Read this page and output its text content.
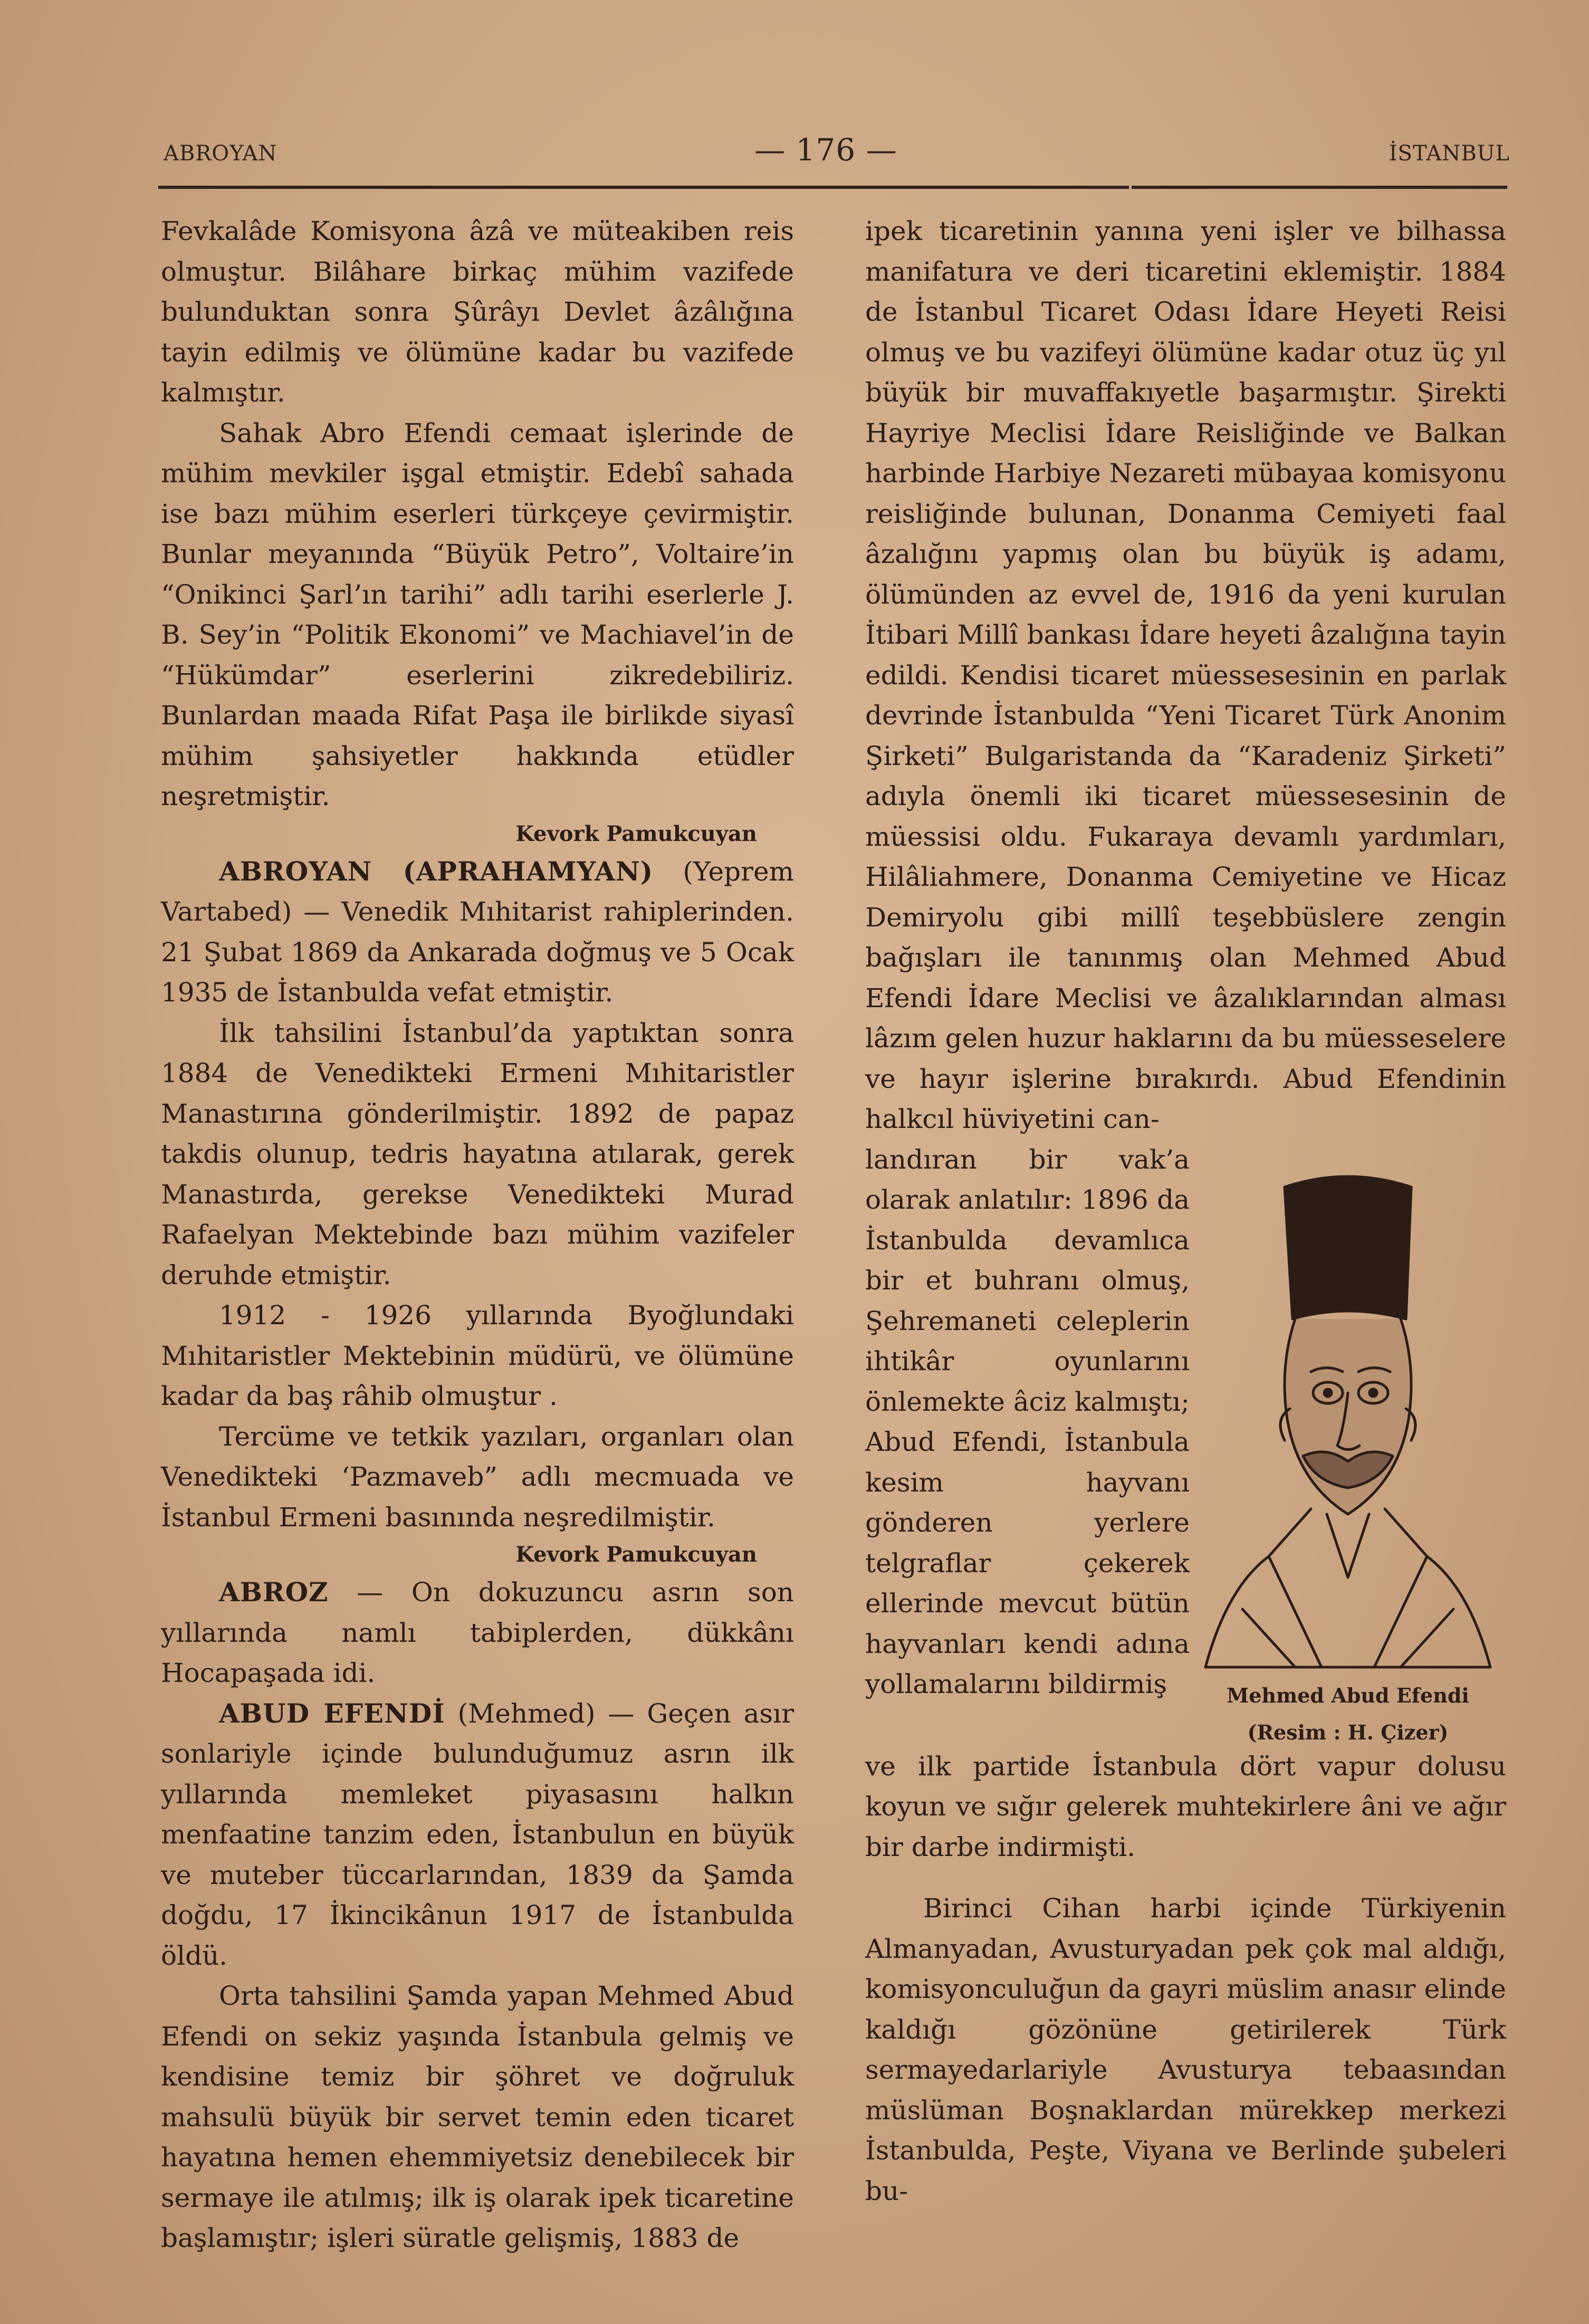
ABROYAN	— 176 —	İSTANBUL

Fevkalâde Komisyona âzâ ve müteakiben reis olmuştur. Bilâhare birkaç mühim vazifede bulunduktan sonra Şûrâyı Devlet âzâlığına tayin edilmiş ve ölümüne kadar bu vazifede kalmıştır.

Sahak Abro Efendi cemaat işlerinde de mühim mevkiler işgal etmiştir. Edebî sahada ise bazı mühim eserleri türkçeye çevirmiştir. Bunlar meyanında “Büyük Petro”, Voltaire’in “Onikinci Şarl’ın tarihi” adlı tarihi eserlerle J. B. Sey’in “Politik Ekonomi” ve Machiavel’in de “Hükümdar” eserlerini zikredebiliriz. Bunlardan maada Rifat Paşa ile birlikde siyasî mühim şahsiyetler hakkında etüdler neşretmiştir.

Kevork Pamukcuyan

ABROYAN (APRAHAMYAN) (Yeprem Vartabed) — Venedik Mıhitarist rahiplerinden. 21 Şubat 1869 da Ankarada doğmuş ve 5 Ocak 1935 de İstanbulda vefat etmiştir.

İlk tahsilini İstanbul’da yaptıktan sonra 1884 de Venedikteki Ermeni Mıhitaristler Manastırına gönderilmiştir. 1892 de papaz takdis olunup, tedris hayatına atılarak, gerek Manastırda, gerekse Venedikteki Murad Rafaelyan Mektebinde bazı mühim vazifeler deruhde etmiştir.

1912 - 1926 yıllarında Byoğlundaki Mıhitaristler Mektebinin müdürü, ve ölümüne kadar da baş râhib olmuştur .

Tercüme ve tetkik yazıları, organları olan Venedikteki ‘Pazmaveb” adlı mecmuada ve İstanbul Ermeni basınında neşredilmiştir.

Kevork Pamukcuyan

ABROZ — On dokuzuncu asrın son yıllarında namlı tabiplerden, dükkânı Hocapaşada idi.

ABUD EFENDİ (Mehmed) — Geçen asır sonlariyle içinde bulunduğumuz asrın ilk yıllarında memleket piyasasını halkın menfaatine tanzim eden, İstanbulun en büyük ve muteber tüccarlarından, 1839 da Şamda doğdu, 17 İkincikânun 1917 de İstanbulda öldü.

Orta tahsilini Şamda yapan Mehmed Abud Efendi on sekiz yaşında İstanbula gelmiş ve kendisine temiz bir şöhret ve doğruluk mahsulü büyük bir servet temin eden ticaret hayatına hemen ehemmiyetsiz denebilecek bir sermaye ile atılmış; ilk iş olarak ipek ticaretine başlamıştır; işleri süratle gelişmiş, 1883 de

ipek ticaretinin yanına yeni işler ve bilhassa manifatura ve deri ticaretini eklemiştir. 1884 de İstanbul Ticaret Odası İdare Heyeti Reisi olmuş ve bu vazifeyi ölümüne kadar otuz üç yıl büyük bir muvaffakıyetle başarmıştır. Şirekti Hayriye Meclisi İdare Reisliğinde ve Balkan harbinde Harbiye Nezareti mübayaa komisyonu reisliğinde bulunan, Donanma Cemiyeti faal âzalığını yapmış olan bu büyük iş adamı, ölümünden az evvel de, 1916 da yeni kurulan İtibari Millî bankası İdare heyeti âzalığına tayin edildi. Kendisi ticaret müessesesinin en parlak devrinde İstanbulda “Yeni Ticaret Türk Anonim Şirketi” Bulgaristanda da “Karadeniz Şirketi” adıyla önemli iki ticaret müessesesinin de müessisi oldu. Fukaraya devamlı yardımları, Hilâliahmere, Donanma Cemiyetine ve Hicaz Demiryolu gibi millî teşebbüslere zengin bağışları ile tanınmış olan Mehmed Abud Efendi İdare Meclisi ve âzalıklarından alması lâzım gelen huzur haklarını da bu müesseselere ve hayır işlerine bırakırdı. Abud Efendinin halkcıl hüviyetini can-

Mehmed Abud Efendi
(Resim : H. Çizer)

landıran bir vak’a olarak anlatılır: 1896 da İstanbulda devamlıca bir et buhranı olmuş, Şehremaneti celeplerin ihtikâr oyunlarını önlemekte âciz kalmıştı; Abud Efendi, İstanbula kesim hayvanı gönderen yerlere telgraflar çekerek ellerinde mevcut bütün hayvanları kendi adına yollamalarını bildirmiş

ve ilk partide İstanbula dört vapur dolusu koyun ve sığır gelerek muhtekirlere âni ve ağır bir darbe indirmişti.

Birinci Cihan harbi içinde Türkiyenin Almanyadan, Avusturyadan pek çok mal aldığı, komisyonculuğun da gayri müslim anasır elinde kaldığı gözönüne getirilerek Türk sermayedarlariyle Avusturya tebaasından müslüman Boşnaklardan mürekkep merkezi İstanbulda, Peşte, Viyana ve Berlinde şubeleri bu-
